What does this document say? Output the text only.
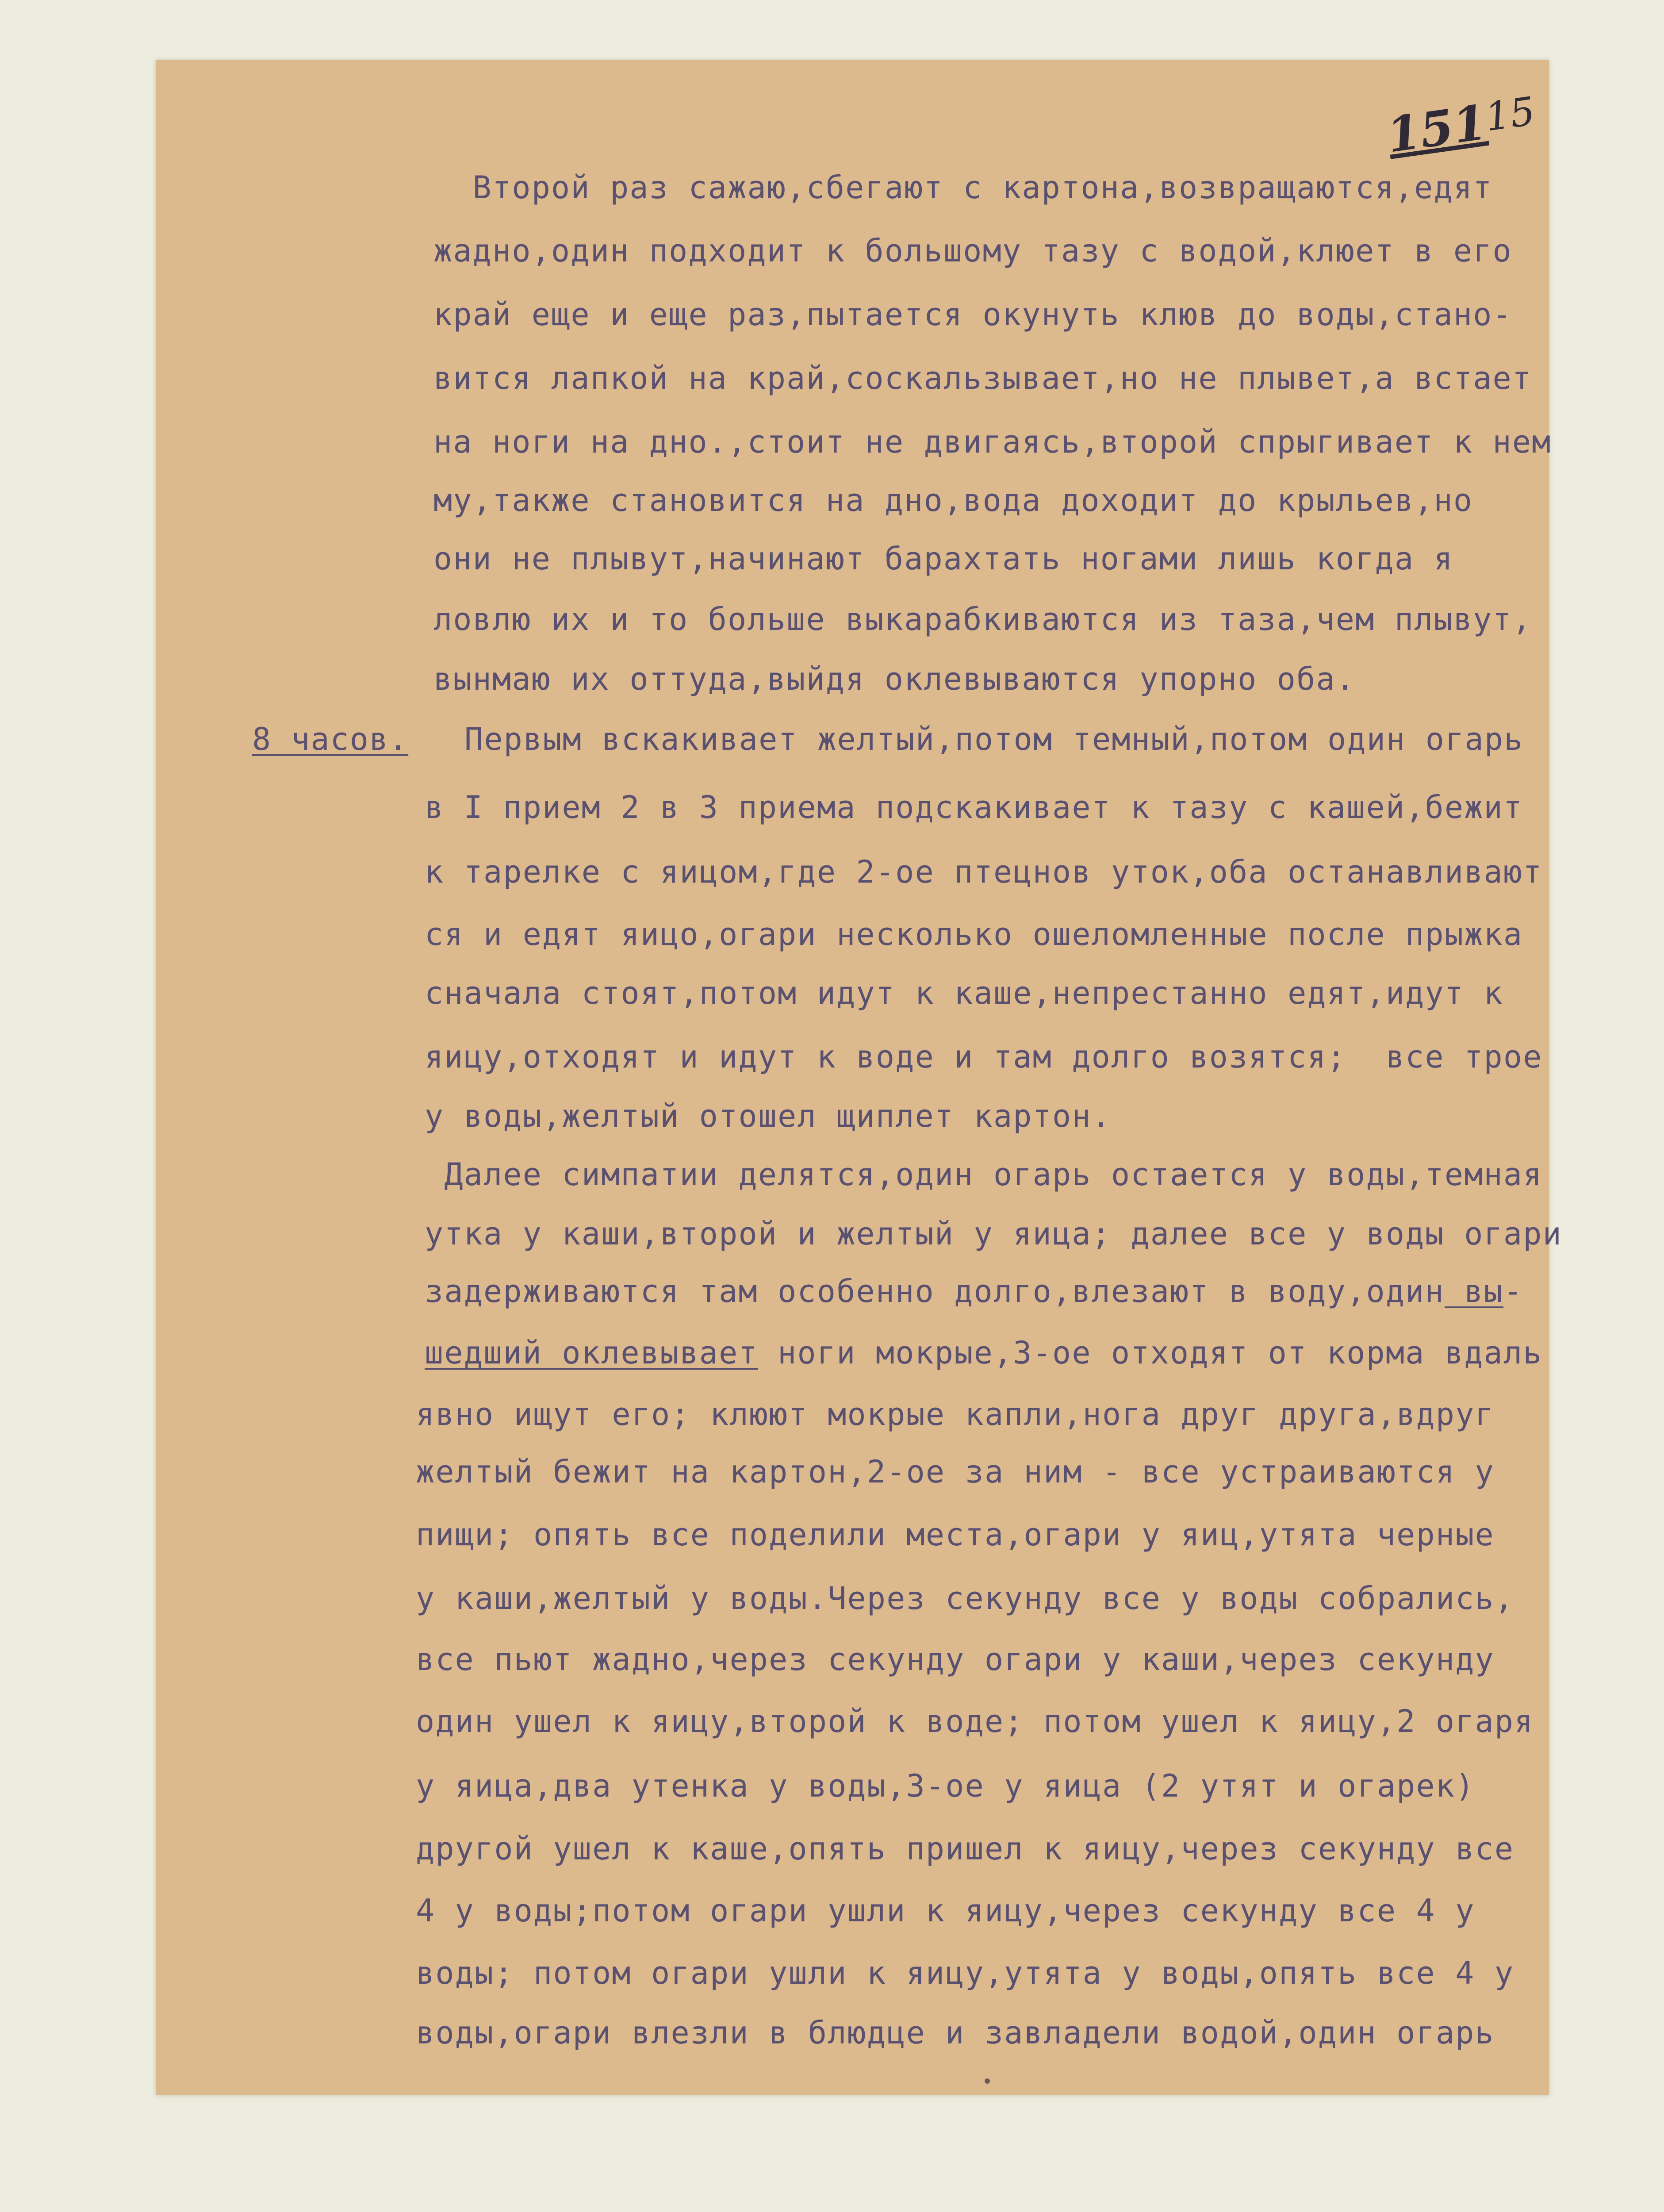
$151^{15}$

8 часов.

Второй раз сажаю,сбегают с картона,возвращаются,едят

жадно,один подходит к большому тазу с водой,клюет в его

край еще и еще раз,пытается окунуть клюв до воды,стано-

вится лапкой на край,соскальзывает,но не плывет,а встает

на ноги на дно.,стоит не двигаясь,второй спрыгивает к нем

му,также становится на дно,вода доходит до крыльев,но

они не плывут,начинают барахтать ногами лишь когда я

ловлю их и то больше выкарабкиваются из таза,чем плывут,

вынмаю их оттуда,выйдя оклевываются упорно оба.

Первым вскакивает желтый,потом темный,потом один огарь

в I прием 2 в 3 приема подскакивает к тазу с кашей,бежит

к тарелке с яицом,где 2-ое птецнов уток,оба останавливают

ся и едят яицо,огари несколько ошеломленные после прыжка

сначала стоят,потом идут к каше,непрестанно едят,идут к

яицу,отходят и идут к воде и там долго возятся;  все трое

у воды,желтый отошел щиплет картон.

Далее симпатии делятся,один огарь остается у воды,темная

утка у каши,второй и желтый у яица; далее все у воды огари

задерживаются там особенно долго,влезают в воду,один вы-

шедший оклевывает ноги мокрые,3-ое отходят от корма вдаль

явно ищут его; клюют мокрые капли,нога друг друга,вдруг

желтый бежит на картон,2-ое за ним - все устраиваются у

пищи; опять все поделили места,огари у яиц,утята черные

у каши,желтый у воды.Через секунду все у воды собрались,

все пьют жадно,через секунду огари у каши,через секунду

один ушел к яицу,второй к воде; потом ушел к яицу,2 огаря

у яица,два утенка у воды,3-ое у яица (2 утят и огарек)

другой ушел к каше,опять пришел к яицу,через секунду все

4 у воды;потом огари ушли к яицу,через секунду все 4 у

воды; потом огари ушли к яицу,утята у воды,опять все 4 у

воды,огари влезли в блюдце и завладели водой,один огарь
